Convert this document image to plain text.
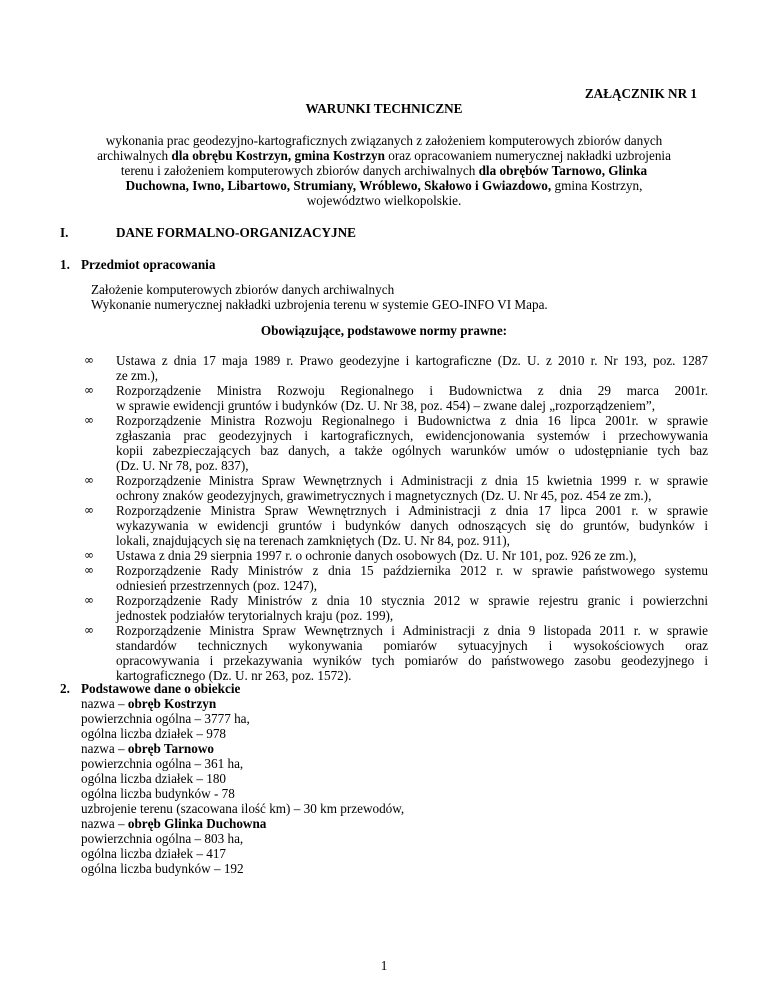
ZAŁĄCZNIK NR 1
WARUNKI TECHNICZNE
wykonania prac geodezyjno-kartograficznych związanych z założeniem komputerowych zbiorów danych
archiwalnych dla obrębu Kostrzyn, gmina Kostrzyn oraz opracowaniem numerycznej nakładki uzbrojenia
terenu i założeniem komputerowych zbiorów danych archiwalnych dla obrębów Tarnowo, Glinka
Duchowna, Iwno, Libartowo, Strumiany, Wróblewo, Skałowo i Gwiazdowo, gmina Kostrzyn,
województwo wielkopolskie.
I.	DANE FORMALNO-ORGANIZACYJNE
1. Przedmiot opracowania
Założenie komputerowych zbiorów danych archiwalnych
Wykonanie numerycznej nakładki uzbrojenia terenu w systemie GEO-INFO VI Mapa.
Obowiązujące, podstawowe normy prawne:
∞ Ustawa z dnia 17 maja 1989 r. Prawo geodezyjne i kartograficzne (Dz. U. z 2010 r. Nr 193, poz. 1287
ze zm.),
∞ Rozporządzenie Ministra Rozwoju Regionalnego i Budownictwa z dnia 29 marca 2001r.
w sprawie ewidencji gruntów i budynków (Dz. U. Nr 38, poz. 454) – zwane dalej „rozporządzeniem”,
∞ Rozporządzenie Ministra Rozwoju Regionalnego i Budownictwa z dnia 16 lipca 2001r. w sprawie
zgłaszania prac geodezyjnych i kartograficznych, ewidencjonowania systemów i przechowywania
kopii zabezpieczających baz danych, a także ogólnych warunków umów o udostępnianie tych baz
(Dz. U. Nr 78, poz. 837),
∞ Rozporządzenie Ministra Spraw Wewnętrznych i Administracji z dnia 15 kwietnia 1999 r. w sprawie
ochrony znaków geodezyjnych, grawimetrycznych i magnetycznych (Dz. U. Nr 45, poz. 454 ze zm.),
∞ Rozporządzenie Ministra Spraw Wewnętrznych i Administracji z dnia 17 lipca 2001 r. w sprawie
wykazywania w ewidencji gruntów i budynków danych odnoszących się do gruntów, budynków i
lokali, znajdujących się na terenach zamkniętych (Dz. U. Nr 84, poz. 911),
∞ Ustawa z dnia 29 sierpnia 1997 r. o ochronie danych osobowych (Dz. U. Nr 101, poz. 926 ze zm.),
∞ Rozporządzenie Rady Ministrów z dnia 15 października 2012 r. w sprawie państwowego systemu
odniesień przestrzennych (poz. 1247),
∞ Rozporządzenie Rady Ministrów z dnia 10 stycznia 2012 w sprawie rejestru granic i powierzchni
jednostek podziałów terytorialnych kraju (poz. 199),
∞ Rozporządzenie Ministra Spraw Wewnętrznych i Administracji z dnia 9 listopada 2011 r. w sprawie
standardów technicznych wykonywania pomiarów sytuacyjnych i wysokościowych oraz
opracowywania i przekazywania wyników tych pomiarów do państwowego zasobu geodezyjnego i
kartograficznego (Dz. U. nr 263, poz. 1572).
2. Podstawowe dane o obiekcie
nazwa – obręb Kostrzyn
powierzchnia ogólna – 3777 ha,
ogólna liczba działek – 978
nazwa – obręb Tarnowo
powierzchnia ogólna – 361 ha,
ogólna liczba działek – 180
ogólna liczba budynków - 78
uzbrojenie terenu (szacowana ilość km) – 30 km przewodów,
nazwa – obręb Glinka Duchowna
powierzchnia ogólna – 803 ha,
ogólna liczba działek – 417
ogólna liczba budynków – 192
1
